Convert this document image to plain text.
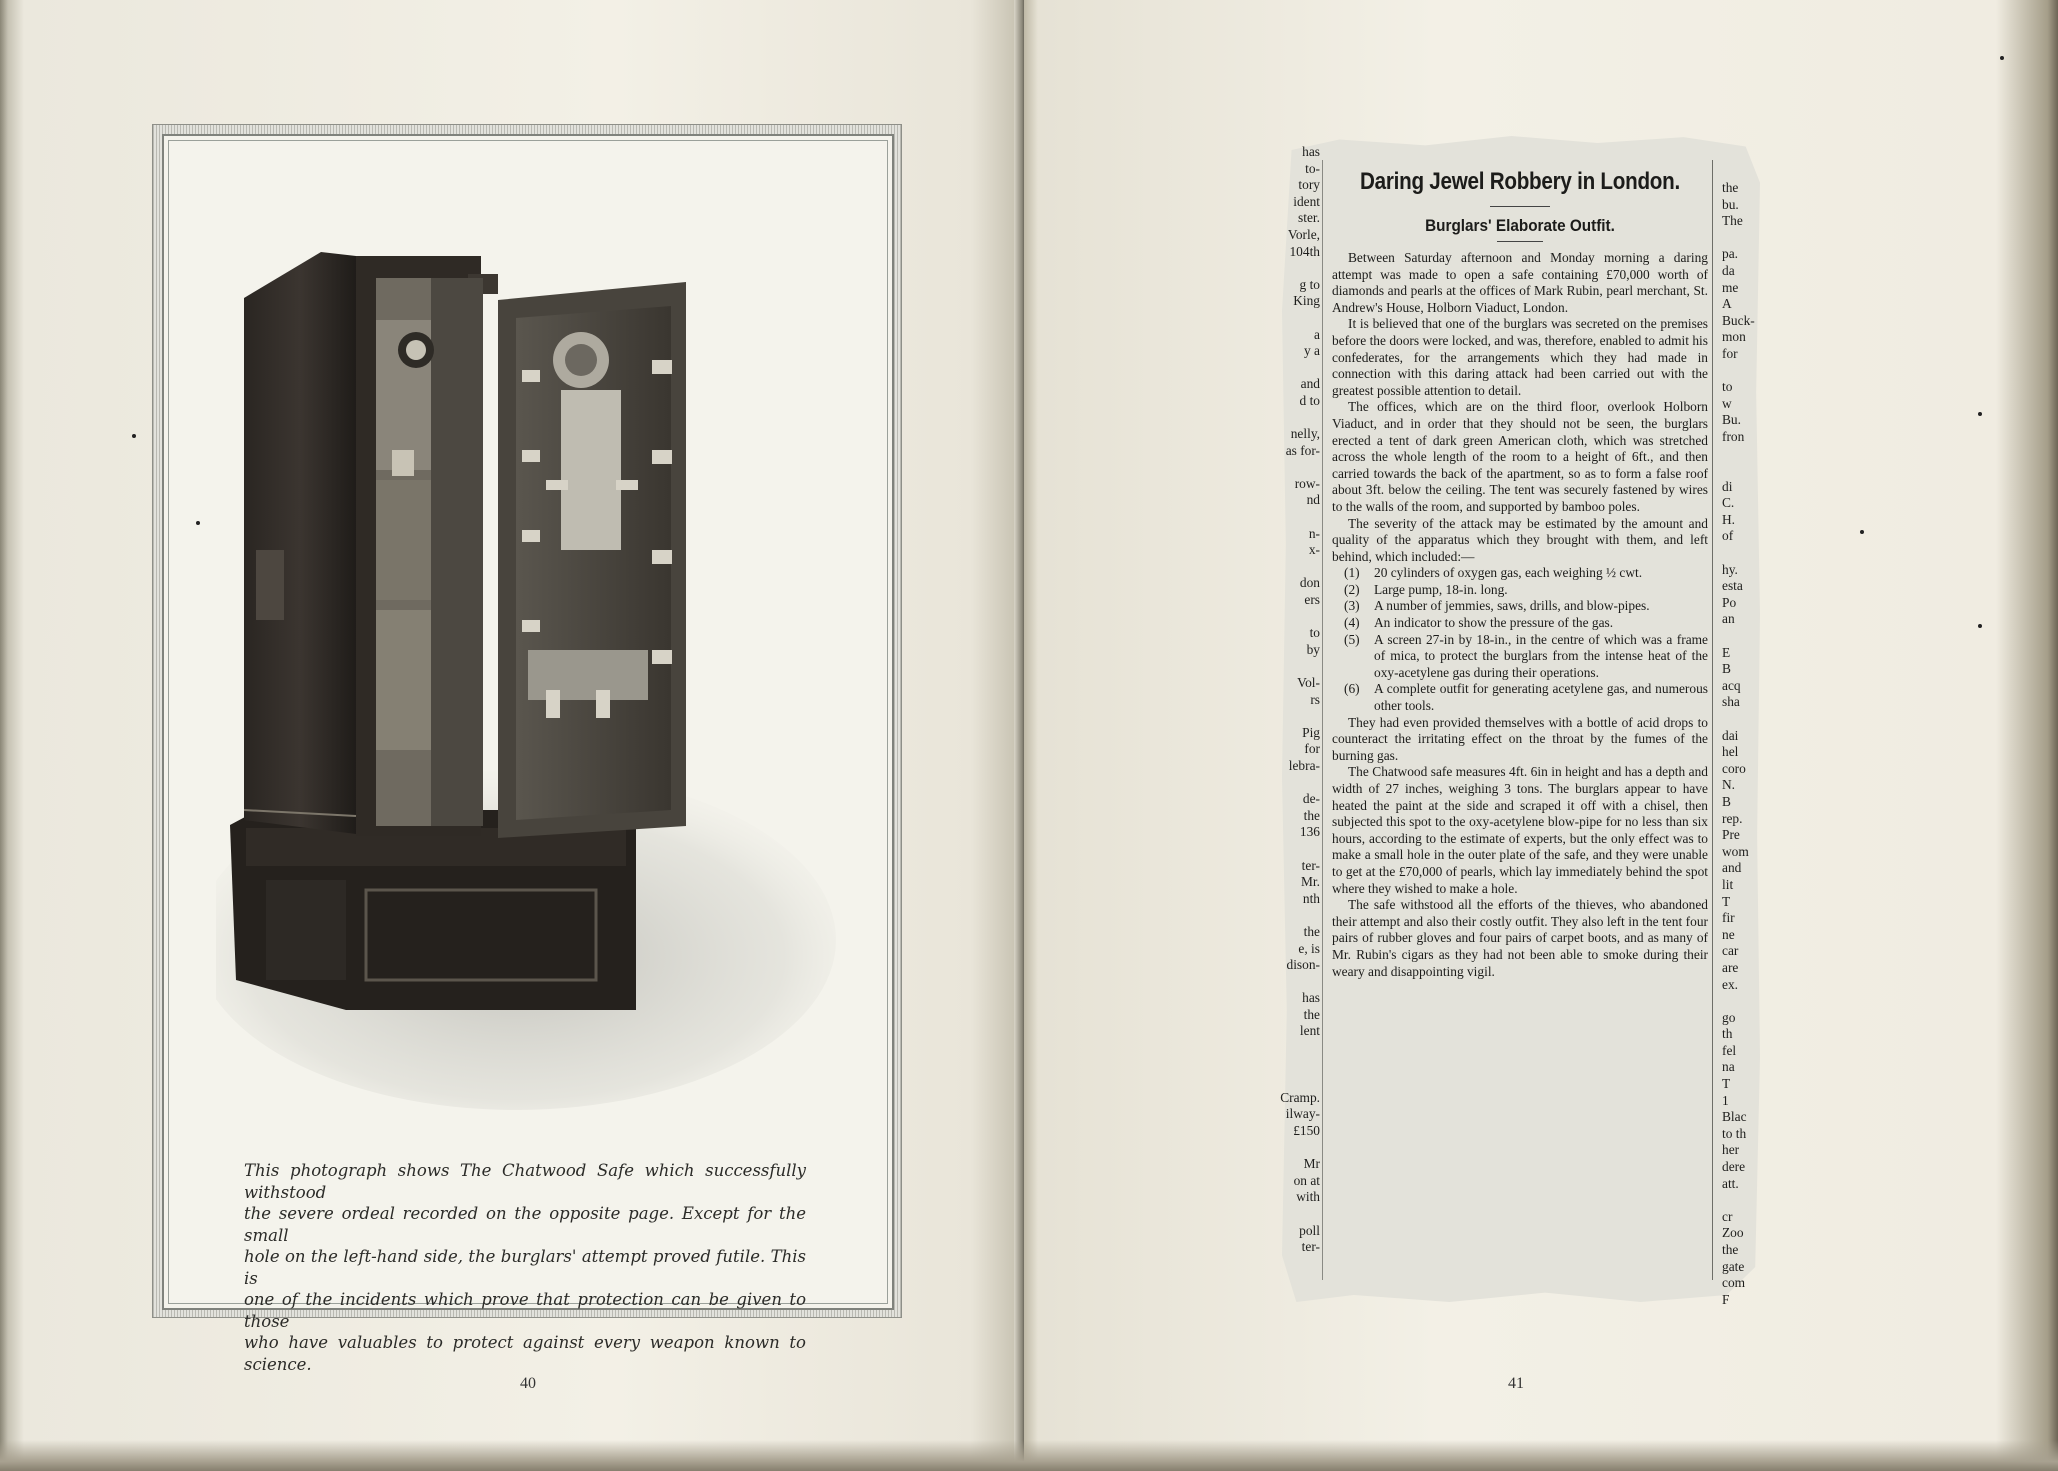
This photograph shows The Chatwood Safe which successfully withstood
the severe ordeal recorded on the opposite page. Except for the small
hole on the left-hand side, the burglars' attempt proved futile. This is
one of the incidents which prove that protection can be given to those
who have valuables to protect against every weapon known to science.

40	41
has
to-
tory
ident
ster.
Vorle,
104th
g to
King
a
y a
and
d to
nelly,
as for-
row-
nd
n-
x-
don
ers
to
by
Vol-
rs
Pig
for
lebra-
de-
the
136
ter-
Mr.
nth
the
e, is
dison-
has
the
lent
Cramp.
ilway-
£150
Mr
on at
with
poll
ter-
the
bu.
The
pa.
da
me
A
Buck-
mon
for
to
w
Bu.
fron
di
C.
H.
of
hy.
esta
Po
an
E
B
acq
sha
dai
hel
coro
N.
B
rep.
Pre
wom
and
lit
T
fir
ne
car
are
ex.
go
th
fel
na
T
1
Blac
to th
her
dere
att.
cr
Zoo
the
gate
com
F
Daring Jewel Robbery in London.
Burglars' Elaborate Outfit.

Between Saturday afternoon and Monday morning a daring attempt was made to open a safe containing £70,000 worth of diamonds and pearls at the offices of Mark Rubin, pearl merchant, St. Andrew's House, Holborn Viaduct, London.

It is believed that one of the burglars was secreted on the premises before the doors were locked, and was, therefore, enabled to admit his confederates, for the arrangements which they had made in connection with this daring attack had been carried out with the greatest possible attention to detail.

The offices, which are on the third floor, overlook Holborn Viaduct, and in order that they should not be seen, the burglars erected a tent of dark green American cloth, which was stretched across the whole length of the room to a height of 6ft., and then carried towards the back of the apartment, so as to form a false roof about 3ft. below the ceiling. The tent was securely fastened by wires to the walls of the room, and supported by bamboo poles.

The severity of the attack may be estimated by the amount and quality of the apparatus which they brought with them, and left behind, which included:—

(1)	20 cylinders of oxygen gas, each weighing ½ cwt.
(2)	Large pump, 18-in. long.
(3)	A number of jemmies, saws, drills, and blow-pipes.
(4)	An indicator to show the pressure of the gas.
(5)	A screen 27-in by 18-in., in the centre of which was a frame of mica, to protect the burglars from the intense heat of the oxy-acetylene gas during their operations.
(6)	A complete outfit for generating acetylene gas, and numerous other tools.

They had even provided themselves with a bottle of acid drops to counteract the irritating effect on the throat by the fumes of the burning gas.

The Chatwood safe measures 4ft. 6in in height and has a depth and width of 27 inches, weighing 3 tons. The burglars appear to have heated the paint at the side and scraped it off with a chisel, then subjected this spot to the oxy-acetylene blow-pipe for no less than six hours, according to the estimate of experts, but the only effect was to make a small hole in the outer plate of the safe, and they were unable to get at the £70,000 of pearls, which lay immediately behind the spot where they wished to make a hole.

The safe withstood all the efforts of the thieves, who abandoned their attempt and also their costly outfit. They also left in the tent four pairs of rubber gloves and four pairs of carpet boots, and as many of Mr. Rubin's cigars as they had not been able to smoke during their weary and disappointing vigil.
